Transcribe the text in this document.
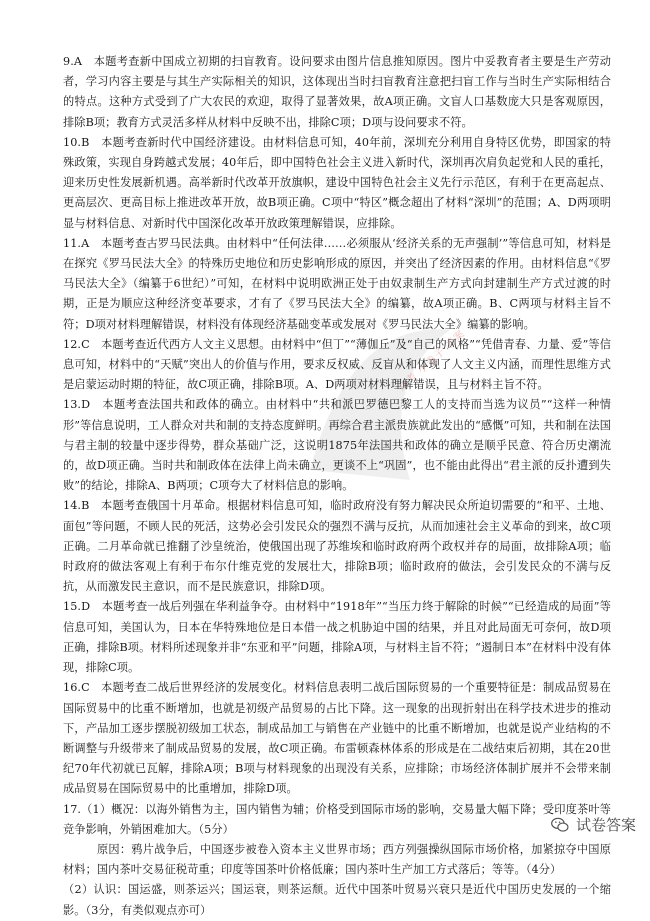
京考 小卷子 答案

9.A　本题考查新中国成立初期的扫盲教育。设问要求由图片信息推知原因。图片中妥教育者主要是生产劳动者，学习内容主要是与其生产实际相关的知识，这体现出当时扫盲教育注意把扫盲工作与当时生产实际相结合的特点。这种方式受到了广大农民的欢迎，取得了显著效果，故A项正确。文盲人口基数庞大只是客观原因，排除B项；教育方式灵活多样从材料中反映不出，排除C项；D项与设问要求不符。

10.B　本题考查新时代中国经济建设。由材料信息可知，40年前，深圳充分利用自身特区优势，即国家的特殊政策，实现自身跨越式发展；40年后，即中国特色社会主义进入新时代，深圳再次肩负起党和人民的重托，迎来历史性发展新机遇。高举新时代改革开放旗帜，建设中国特色社会主义先行示范区，有利于在更高起点、更高层次、更高目标上推进改革开放，故B项正确。C项中“特区”概念超出了材料“深圳”的范围；A、D两项明显与材料信息、对新时代中国深化改革开放政策理解错误，应排除。

11.A　本题考查古罗马民法典。由材料中“任何法律……必须服从‘经济关系的无声强制’”等信息可知，材料是在探究《罗马民法大全》的特殊历史地位和历史影响形成的原因，并突出了经济因素的作用。由材料信息“《罗马民法大全》（编纂于6世纪）”可知，在材料中说明欧洲正处于由奴隶制生产方式向封建制生产方式过渡的时期，正是为顺应这种经济变革要求，才有了《罗马民法大全》的编纂，故A项正确。B、C两项与材料主旨不符；D项对材料理解错误，材料没有体现经济基础变革或发展对《罗马民法大全》编纂的影响。

12.C　本题考查近代西方人文主义思想。由材料中“但丁”“薄伽丘”及“自己的风格”“凭借青春、力量、爱”等信息可知，材料中的“天赋”突出人的价值与作用，要求反权威、反盲从和体现了人文主义内涵，而理性思维方式是启蒙运动时期的特征，故C项正确，排除B项。A、D两项对材料理解错误，且与材料主旨不符。

13.D　本题考查法国共和政体的确立。由材料中“共和派巴罗德巴黎工人的支持而当选为议员”“这样一种情形”等信息说明，工人群众对共和制的支持态度鲜明。再综合君主派贵族就此发出的“感慨”可知，共和制在法国与君主制的较量中逐步得势，群众基础广泛，这说明1875年法国共和政体的确立是顺乎民意、符合历史潮流的，故D项正确。当时共和制政体在法律上尚未确立，更谈不上“巩固”，也不能由此得出“君主派的反扑遭到失败”的结论，排除A、B两项；C项夸大了材料信息的影响。

14.B　本题考查俄国十月革命。根据材料信息可知，临时政府没有努力解决民众所迫切需要的“和平、土地、面包”等问题，不顾人民的死活，这势必会引发民众的强烈不满与反抗，从而加速社会主义革命的到来，故C项正确。二月革命就已推翻了沙皇统治，使俄国出现了苏维埃和临时政府两个政权并存的局面，故排除A项；临时政府的做法客观上有利于布尔什维克党的发展壮大，排除B项；临时政府的做法，会引发民众的不满与反抗，从而激发民主意识，而不是民族意识，排除D项。

15.D　本题考查一战后列强在华利益争夺。由材料中“1918年”“当压力终于解除的时候”“已经造成的局面”等信息可知，美国认为，日本在华特殊地位是日本借一战之机胁迫中国的结果，并且对此局面无可奈何，故D项正确，排除B项。材料所述现象并非“东亚和平”问题，排除A项，与材料主旨不符；“遏制日本”在材料中没有体现，排除C项。

16.C　本题考查二战后世界经济的发展变化。材料信息表明二战后国际贸易的一个重要特征是：制成品贸易在国际贸易中的比重不断增加，也就是初级产品贸易的占比下降。这一现象的出现折射出在科学技术进步的推动下，产品加工逐步摆脱初级加工状态，制成品加工与销售在产业链中的比重不断增加，也就是说产业结构的不断调整与升级带来了制成品贸易的发展，故C项正确。布雷顿森林体系的形成是在二战结束后初期，其在20世纪70年代初就已瓦解，排除A项；B项与材料现象的出现没有关系，应排除；市场经济体制扩展并不会带来制成品贸易在国际贸易中的比重增加，排除D项。

17.（1）概况：以海外销售为主，国内销售为辅；价格受到国际市场的影响，交易量大幅下降；受印度茶叶等竞争影响，外销困难加大。（5分）

原因：鸦片战争后，中国逐步被卷入资本主义世界市场；西方列强操纵国际市场价格，加紧掠夺中国原材料；国内茶叶交易征税苛重；印度等国茶叶价格低廉；国内茶叶生产加工方式落后；等等。（4分）

（2）认识：国运盛，则茶运兴；国运衰，则茶运颓。近代中国茶叶贸易兴衰只是近代中国历史发展的一个缩影。（3分，有类似观点亦可）

试卷答案
